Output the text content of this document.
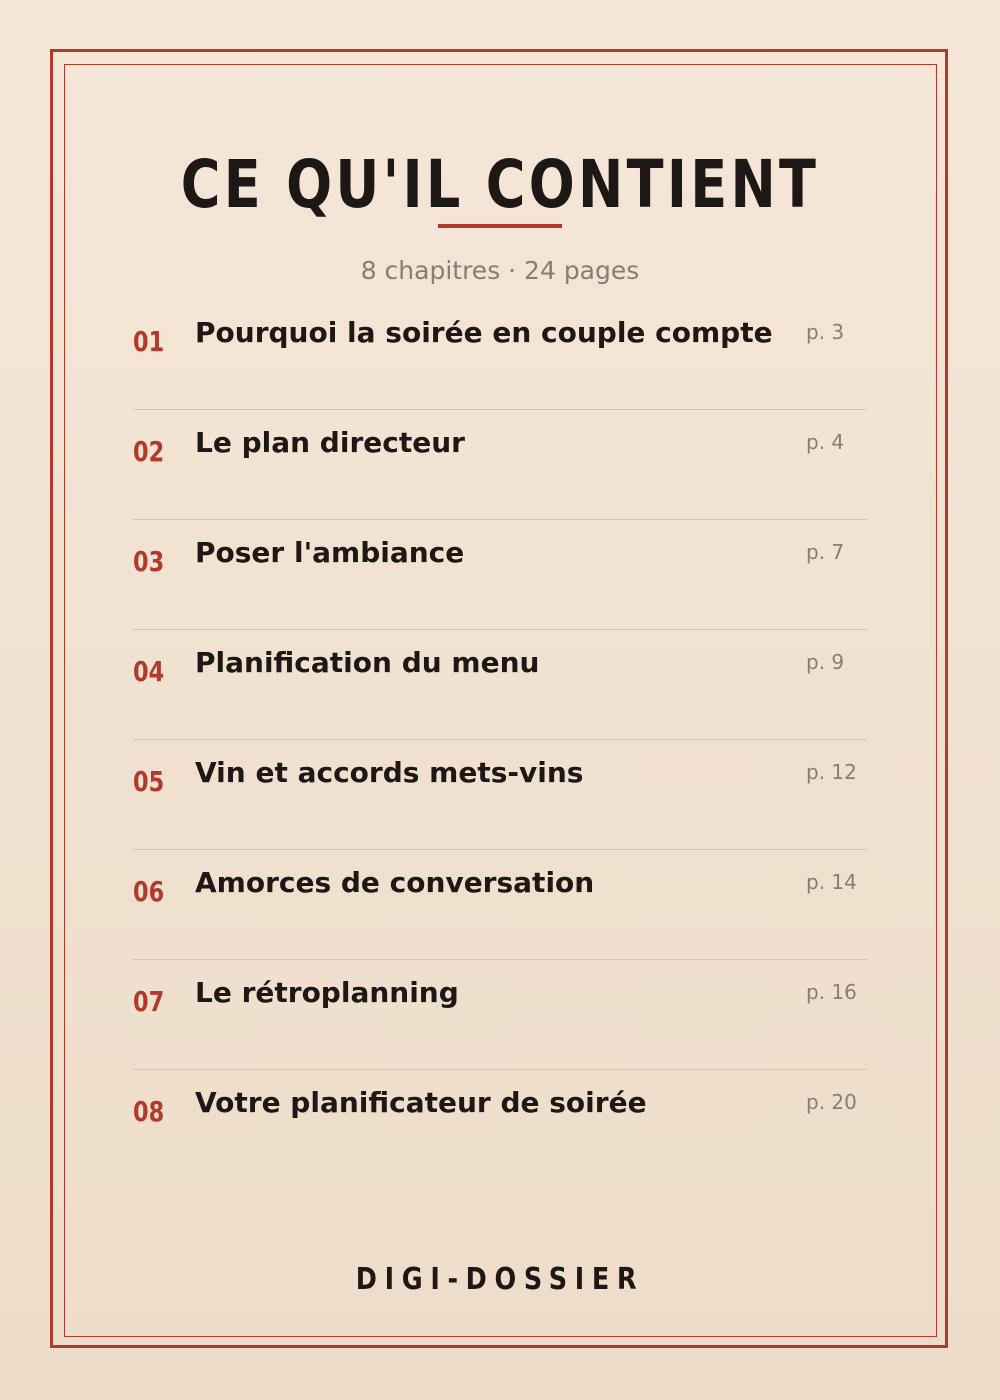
CE QU'IL CONTIENT
8 chapitres · 24 pages
01 Pourquoi la soirée en couple compte p. 3
02 Le plan directeur	p. 4
03 Poser l'ambiance	p. 7
04 Planification du menu	p. 9
05 Vin et accords mets-vins	p. 12
06 Amorces de conversation	p. 14
07 Le rétroplanning	p. 16
08 Votre planificateur de soirée	p. 20
DIGI-DOSSIER
